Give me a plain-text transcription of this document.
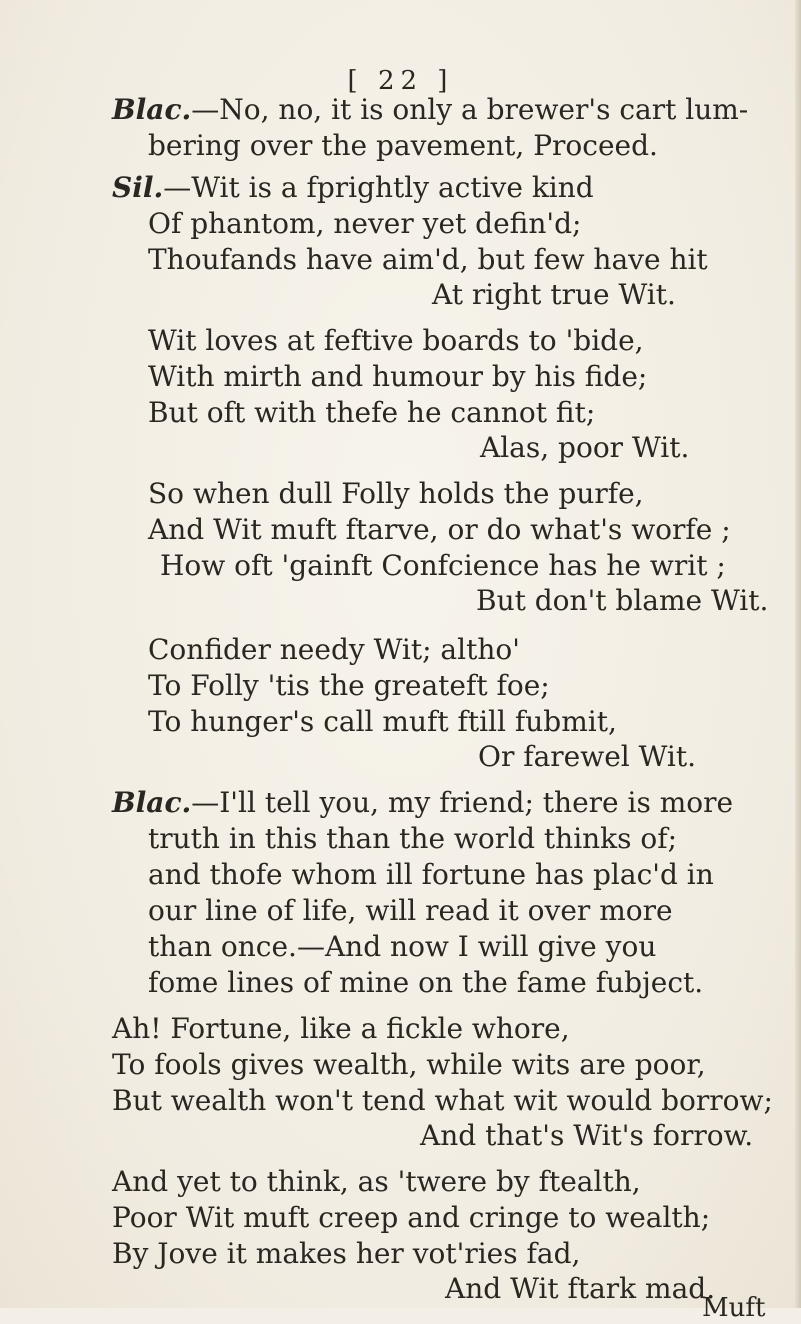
[ 22 ]
Blac.—No, no, it is only a brewer's cart lum-
bering over the pavement, Proceed.
Sil.—Wit is a fprightly active kind
Of phantom, never yet defin'd;
Thoufands have aim'd, but few have hit
At right true Wit.
Wit loves at feftive boards to 'bide,
With mirth and humour by his fide;
But oft with thefe he cannot fit;
Alas, poor Wit.
So when dull Folly holds the purfe,
And Wit muft ftarve, or do what's worfe ;
How oft 'gainft Confcience has he writ ;
But don't blame Wit.
Confider needy Wit; altho'
To Folly 'tis the greateft foe;
To hunger's call muft ftill fubmit,
Or farewel Wit.
Blac.—I'll tell you, my friend; there is more
truth in this than the world thinks of;
and thofe whom ill fortune has plac'd in
our line of life, will read it over more
than once.—And now I will give you
fome lines of mine on the fame fubject.
Ah! Fortune, like a fickle whore,
To fools gives wealth, while wits are poor,
But wealth won't tend what wit would borrow;
And that's Wit's forrow.
And yet to think, as 'twere by ftealth,
Poor Wit muft creep and cringe to wealth;
By Jove it makes her vot'ries fad,
And Wit ftark mad.
Muft
